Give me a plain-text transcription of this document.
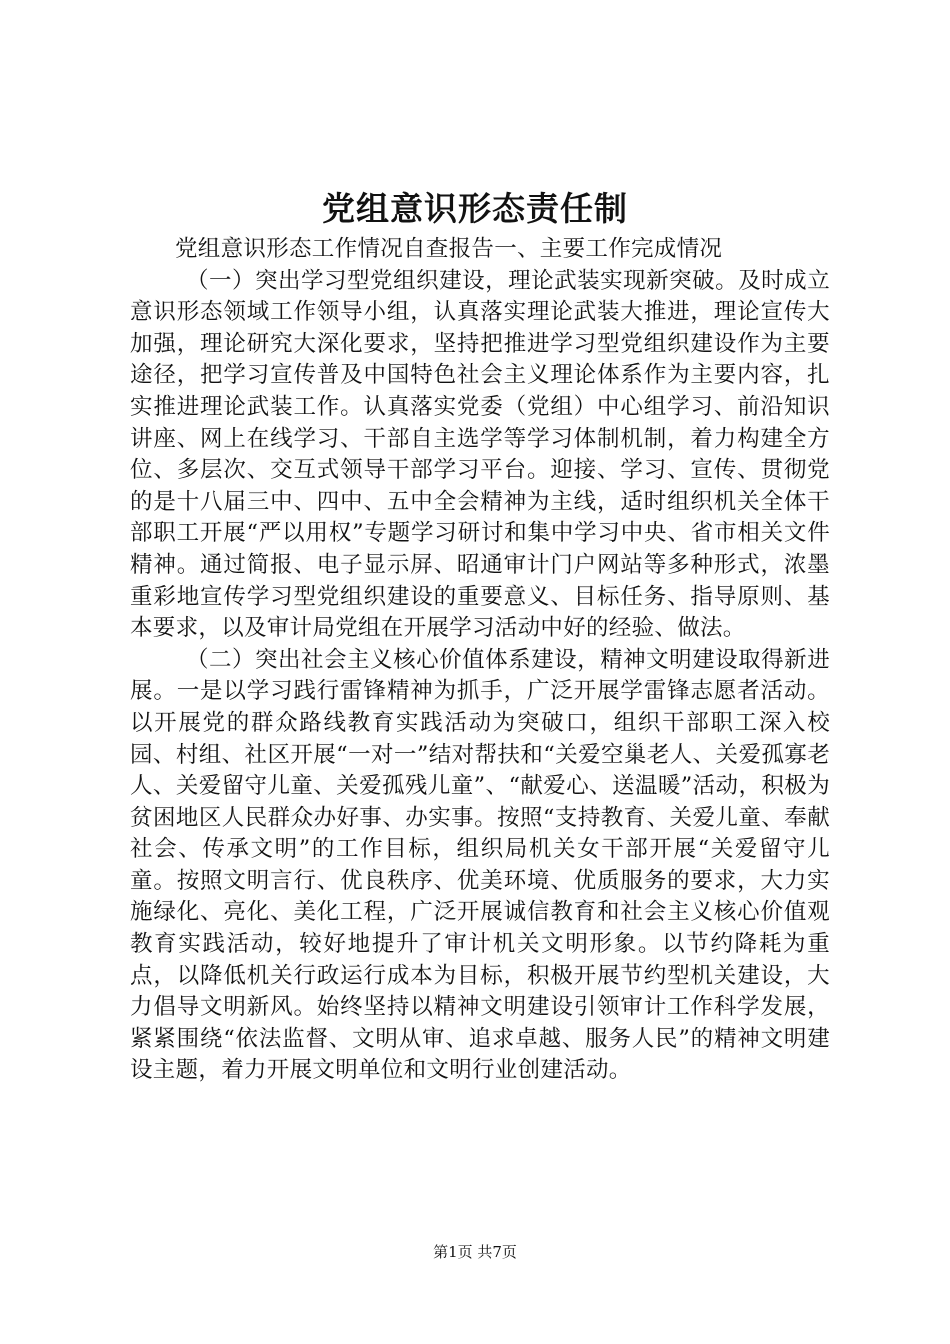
党组意识形态责任制

党组意识形态工作情况自查报告一、主要工作完成情况

（一）突出学习型党组织建设，理论武装实现新突破。及时成立意识形态领域工作领导小组，认真落实理论武装大推进，理论宣传大加强，理论研究大深化要求，坚持把推进学习型党组织建设作为主要途径，把学习宣传普及中国特色社会主义理论体系作为主要内容，扎实推进理论武装工作。认真落实党委（党组）中心组学习、前沿知识讲座、网上在线学习、干部自主选学等学习体制机制，着力构建全方位、多层次、交互式领导干部学习平台。迎接、学习、宣传、贯彻党的是十八届三中、四中、五中全会精神为主线，适时组织机关全体干部职工开展“严以用权”专题学习研讨和集中学习中央、省市相关文件精神。通过简报、电子显示屏、昭通审计门户网站等多种形式，浓墨重彩地宣传学习型党组织建设的重要意义、目标任务、指导原则、基本要求，以及审计局党组在开展学习活动中好的经验、做法。

（二）突出社会主义核心价值体系建设，精神文明建设取得新进展。一是以学习践行雷锋精神为抓手，广泛开展学雷锋志愿者活动。以开展党的群众路线教育实践活动为突破口，组织干部职工深入校园、村组、社区开展“一对一”结对帮扶和“关爱空巢老人、关爱孤寡老人、关爱留守儿童、关爱孤残儿童”、“献爱心、送温暖”活动，积极为贫困地区人民群众办好事、办实事。按照“支持教育、关爱儿童、奉献社会、传承文明”的工作目标，组织局机关女干部开展“关爱留守儿童。按照文明言行、优良秩序、优美环境、优质服务的要求，大力实施绿化、亮化、美化工程，广泛开展诚信教育和社会主义核心价值观教育实践活动，较好地提升了审计机关文明形象。以节约降耗为重点，以降低机关行政运行成本为目标，积极开展节约型机关建设，大力倡导文明新风。始终坚持以精神文明建设引领审计工作科学发展，紧紧围绕“依法监督、文明从审、追求卓越、服务人民”的精神文明建设主题，着力开展文明单位和文明行业创建活动。

第1页 共7页
